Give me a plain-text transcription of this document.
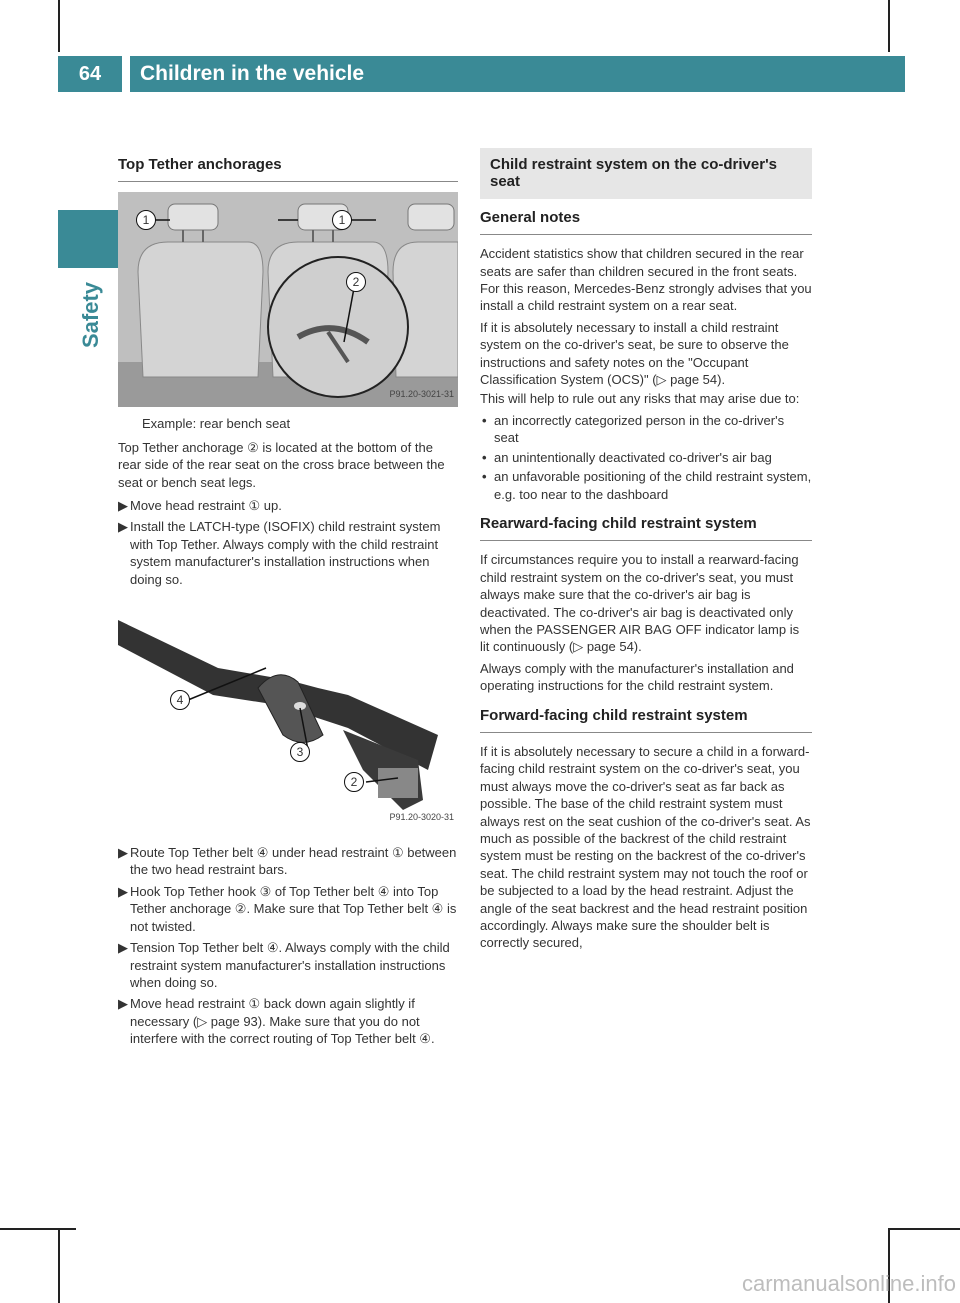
64	Children in the vehicle
Safety
Top Tether anchorages
1	1
2
P91.20-3021-31

Example: rear bench seat

Top Tether anchorage ② is located at the bottom of the rear side of the rear seat on the cross brace between the seat or bench seat legs.

▶ Move head restraint ① up.
▶ Install the LATCH-type (ISOFIX) child restraint system with Top Tether. Always comply with the child restraint system manufacturer's installation instructions when doing so.
4
3
2
P91.20-3020-31
▶ Route Top Tether belt ④ under head restraint ① between the two head restraint bars.
▶ Hook Top Tether hook ③ of Top Tether belt ④ into Top Tether anchorage ②. Make sure that Top Tether belt ④ is not twisted.
▶ Tension Top Tether belt ④. Always comply with the child restraint system manufacturer's installation instructions when doing so.
▶ Move head restraint ① back down again slightly if necessary (▷ page 93). Make sure that you do not interfere with the correct routing of Top Tether belt ④.
Child restraint system on the co-driver's seat
General notes

Accident statistics show that children secured in the rear seats are safer than children secured in the front seats. For this reason, Mercedes-Benz strongly advises that you install a child restraint system on a rear seat.

If it is absolutely necessary to install a child restraint system on the co-driver's seat, be sure to observe the instructions and safety notes on the "Occupant Classification System (OCS)" (▷ page 54).

This will help to rule out any risks that may arise due to:

• an incorrectly categorized person in the co-driver's seat
• an unintentionally deactivated co-driver's air bag
• an unfavorable positioning of the child restraint system, e.g. too near to the dashboard
Rearward-facing child restraint system

If circumstances require you to install a rearward-facing child restraint system on the co-driver's seat, you must always make sure that the co-driver's air bag is deactivated. The co-driver's air bag is deactivated only when the PASSENGER AIR BAG OFF indicator lamp is lit continuously (▷ page 54).

Always comply with the manufacturer's installation and operating instructions for the child restraint system.

Forward-facing child restraint system

If it is absolutely necessary to secure a child in a forward-facing child restraint system on the co-driver's seat, you must always move the co-driver's seat as far back as possible. The base of the child restraint system must always rest on the seat cushion of the co-driver's seat. As much as possible of the backrest of the child restraint system must be resting on the backrest of the co-driver's seat. The child restraint system may not touch the roof or be subjected to a load by the head restraint. Adjust the angle of the seat backrest and the head restraint position accordingly. Always make sure the shoulder belt is correctly secured,

carmanualsonline.info
